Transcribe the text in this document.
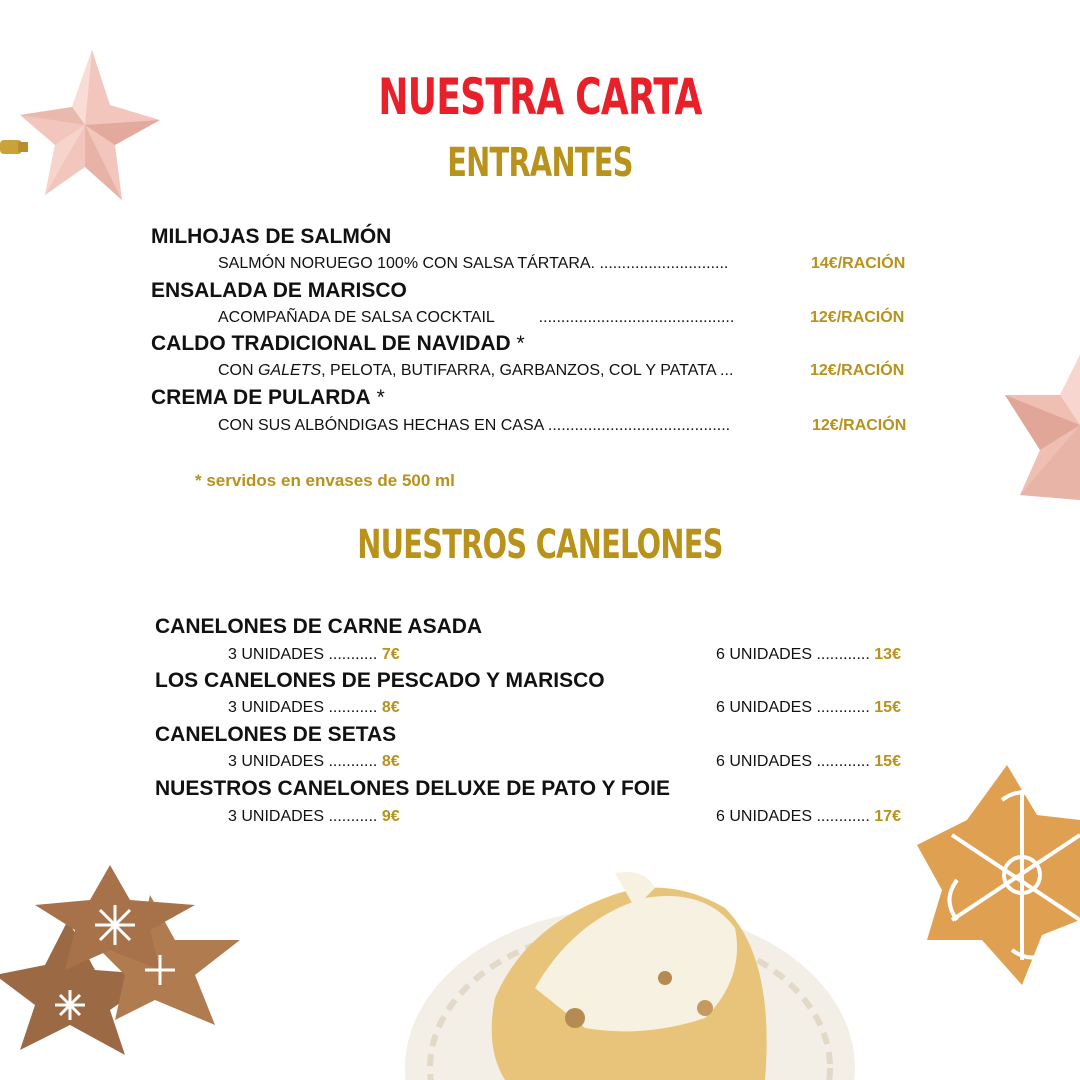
NUESTRA CARTA
ENTRANTES
MILHOJAS DE SALMÓN
SALMÓN NORUEGO 100% CON SALSA TÁRTARA. .............................	14€/RACIÓN
ENSALADA DE MARISCO
ACOMPAÑADA DE SALSA COCKTAIL          ............................................	12€/RACIÓN
CALDO TRADICIONAL DE NAVIDAD *
CON GALETS, PELOTA, BUTIFARRA, GARBANZOS, COL Y PATATA ...	12€/RACIÓN
CREMA DE PULARDA *
CON SUS ALBÓNDIGAS HECHAS EN CASA .........................................	12€/RACIÓN
* servidos en envases de 500 ml
NUESTROS CANELONES
CANELONES DE CARNE ASADA
3 UNIDADES ........... 7€	6 UNIDADES ............ 13€
LOS CANELONES DE PESCADO Y MARISCO
3 UNIDADES ........... 8€	6 UNIDADES ............ 15€
CANELONES DE SETAS
3 UNIDADES ........... 8€	6 UNIDADES ............ 15€
NUESTROS CANELONES DELUXE DE PATO Y FOIE
3 UNIDADES ........... 9€	6 UNIDADES ............ 17€
